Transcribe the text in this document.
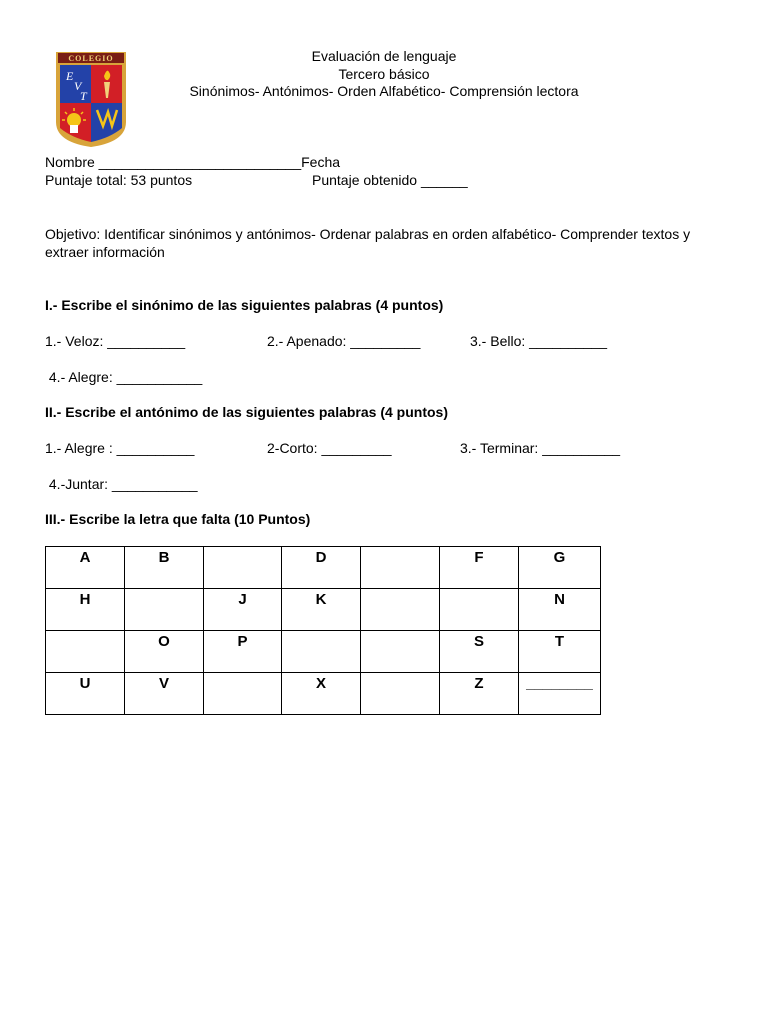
COLEGIO
E
V
T
Evaluación de lenguaje
Tercero básico
Sinónimos- Antónimos- Orden Alfabético- Comprensión lectora
Nombre __________________________Fecha
Puntaje total: 53 puntos	Puntaje obtenido ______
Objetivo: Identificar sinónimos y antónimos- Ordenar palabras en orden alfabético- Comprender textos y extraer información
I.- Escribe el sinónimo de las siguientes palabras (4 puntos)
1.- Veloz: __________	2.- Apenado: _________	3.- Bello: __________
4.- Alegre: ___________
II.- Escribe el antónimo de las siguientes palabras (4 puntos)
1.- Alegre : __________	2-Corto: _________	3.- Terminar: __________
4.-Juntar: ___________
III.- Escribe la letra que falta (10 Puntos)
A	B		D		F	G
H		J	K			N
	O	P			S	T
U	V		X		Z	________
